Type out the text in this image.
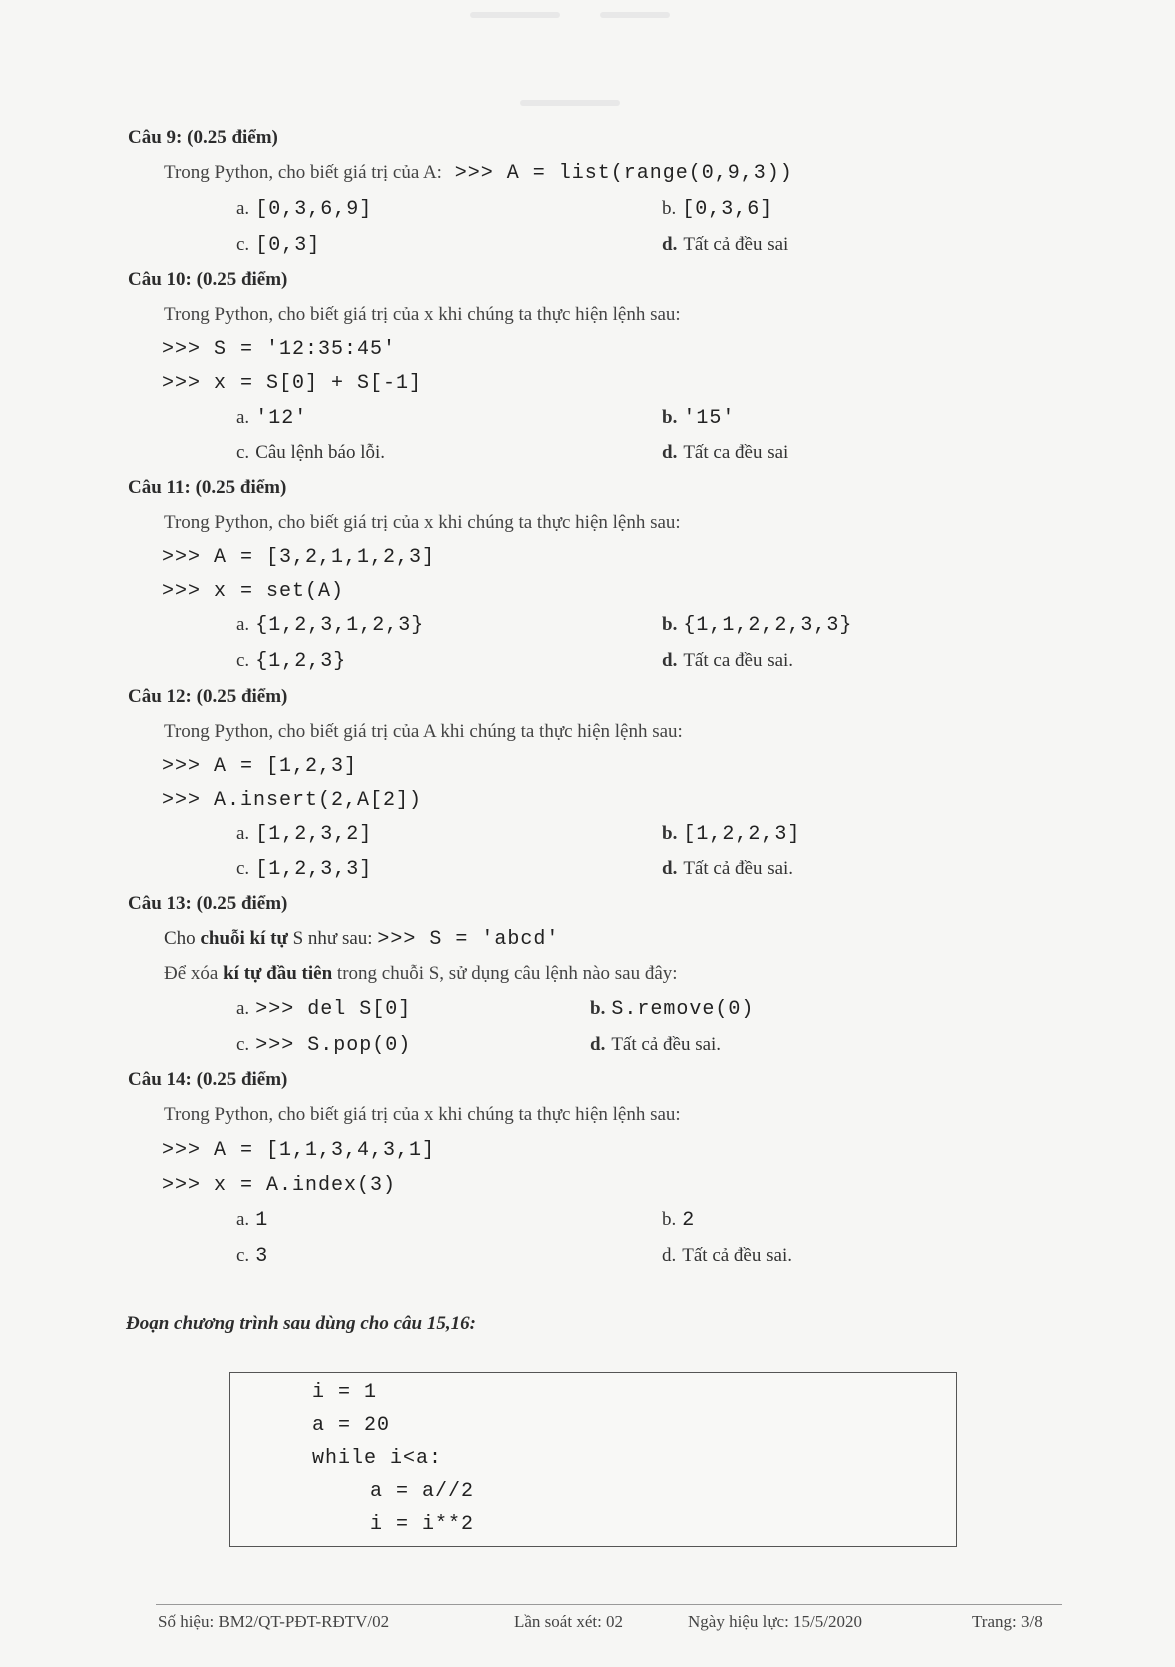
Câu 9: (0.25 điểm)
Trong Python, cho biết giá trị của A: >>> A = list(range(0,9,3))
a. [0,3,6,9]	b. [0,3,6]
c. [0,3]	d. Tất cả đều sai
Câu 10: (0.25 điểm)
Trong Python, cho biết giá trị của x khi chúng ta thực hiện lệnh sau:
>>> S = '12:35:45'
>>> x = S[0] + S[-1]
a. '12'	b. '15'
c. Câu lệnh báo lỗi.	d. Tất ca đều sai
Câu 11: (0.25 điểm)
Trong Python, cho biết giá trị của x khi chúng ta thực hiện lệnh sau:
>>> A = [3,2,1,1,2,3]
>>> x = set(A)
a. {1,2,3,1,2,3}	b. {1,1,2,2,3,3}
c. {1,2,3}	d. Tất ca đều sai.
Câu 12: (0.25 điểm)
Trong Python, cho biết giá trị của A khi chúng ta thực hiện lệnh sau:
>>> A = [1,2,3]
>>> A.insert(2,A[2])
a. [1,2,3,2]	b. [1,2,2,3]
c. [1,2,3,3]	d. Tất cả đều sai.
Câu 13: (0.25 điểm)
Cho chuỗi kí tự S như sau: >>> S = 'abcd'
Để xóa kí tự đầu tiên trong chuỗi S, sử dụng câu lệnh nào sau đây:
a. >>> del S[0]	b. S.remove(0)
c. >>> S.pop(0)	d. Tất cả đều sai.
Câu 14: (0.25 điểm)
Trong Python, cho biết giá trị của x khi chúng ta thực hiện lệnh sau:
>>> A = [1,1,3,4,3,1]
>>> x = A.index(3)
a. 1	b. 2
c. 3	d. Tất cả đều sai.
Đoạn chương trình sau dùng cho câu 15,16:
i = 1
a = 20
while i<a:
a = a//2
i = i**2
Số hiệu: BM2/QT-PĐT-RĐTV/02	Lần soát xét: 02	Ngày hiệu lực: 15/5/2020	Trang: 3/8
